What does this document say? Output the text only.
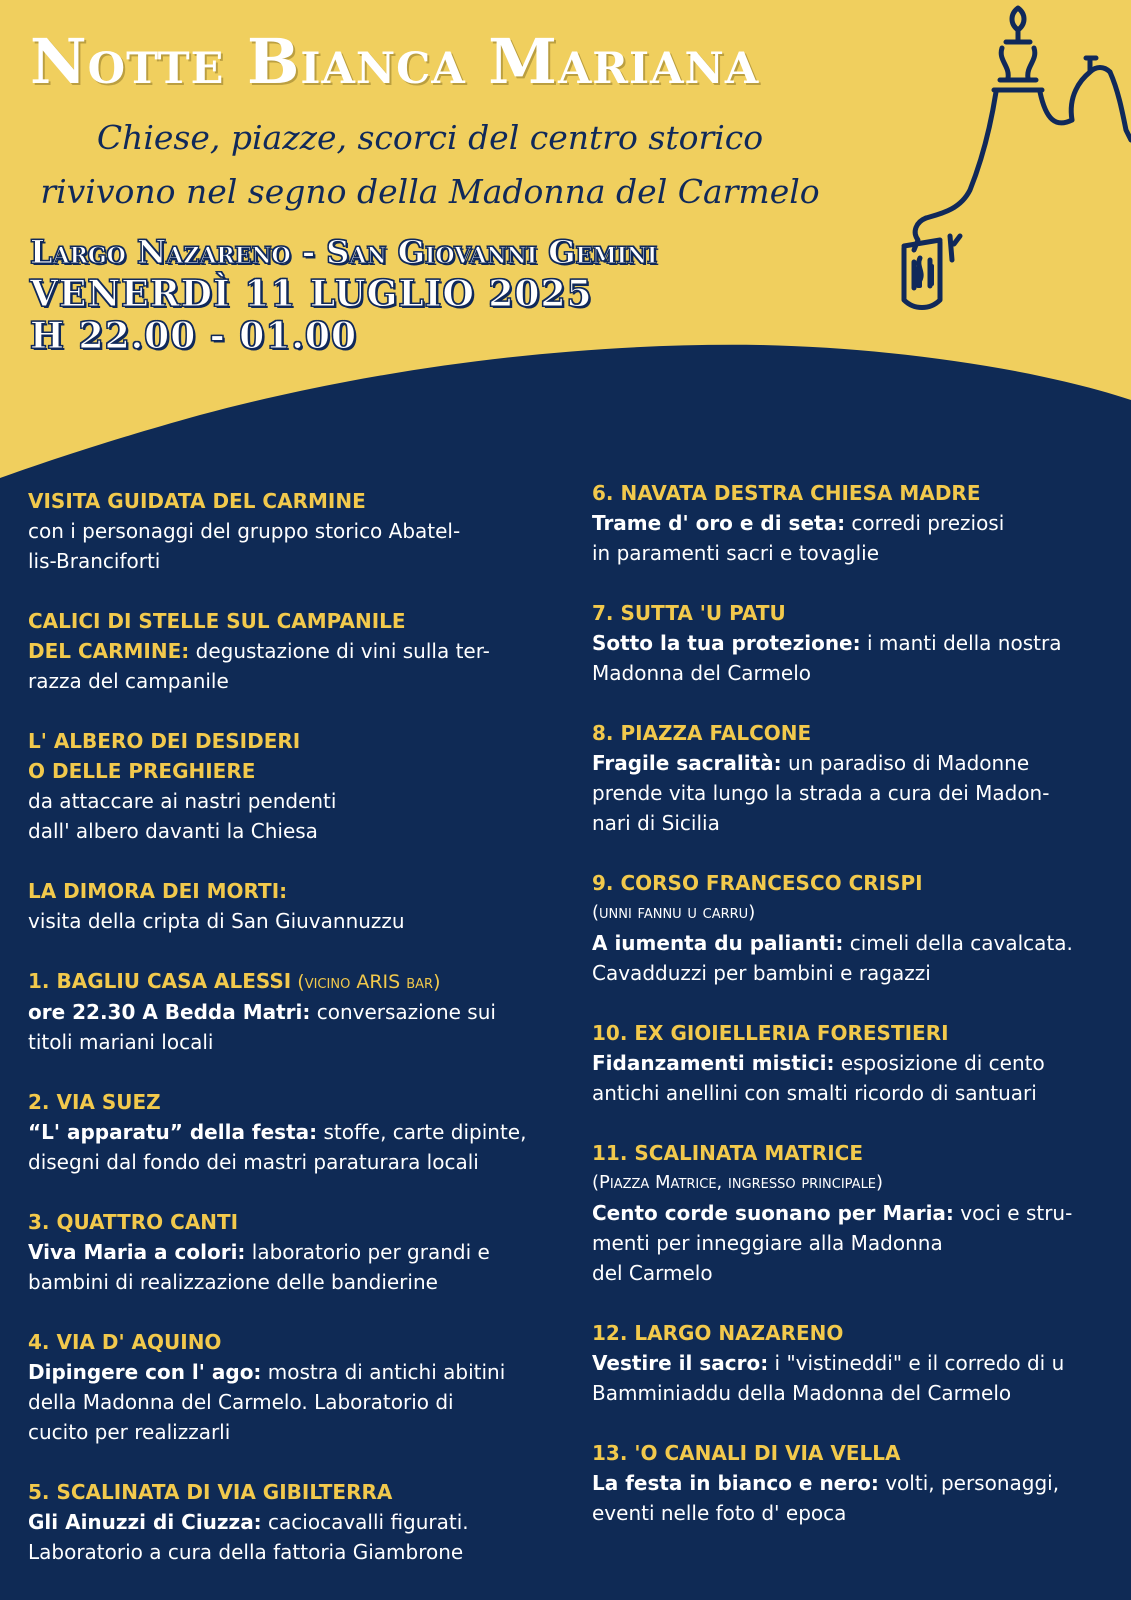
Notte Bianca Mariana
Chiese, piazze, scorci del centro storico
rivivono nel segno della Madonna del Carmelo
Largo Nazareno - San Giovanni Gemini
VENERDÌ 11 LUGLIO 2025
H 22.00 - 01.00
VISITA GUIDATA DEL CARMINE
con i personaggi del gruppo storico Abatel-
lis-Branciforti
CALICI DI STELLE SUL CAMPANILE
DEL CARMINE: degustazione di vini sulla ter-
razza del campanile
L' ALBERO DEI DESIDERI
O DELLE PREGHIERE
da attaccare ai nastri pendenti
dall' albero davanti la Chiesa
LA DIMORA DEI MORTI:
visita della cripta di San Giuvannuzzu
1. BAGLIU CASA ALESSI (vicino ARIS bar)
ore 22.30 A Bedda Matri: conversazione sui
titoli mariani locali
2. VIA SUEZ
“L' apparatu” della festa: stoffe, carte dipinte,
disegni dal fondo dei mastri paraturara locali
3. QUATTRO CANTI
Viva Maria a colori: laboratorio per grandi e
bambini di realizzazione delle bandierine
4. VIA D' AQUINO
Dipingere con l' ago: mostra di antichi abitini
della Madonna del Carmelo. Laboratorio di
cucito per realizzarli
5. SCALINATA DI VIA GIBILTERRA
Gli Ainuzzi di Ciuzza: caciocavalli figurati.
Laboratorio a cura della fattoria Giambrone
6. NAVATA DESTRA CHIESA MADRE
Trame d' oro e di seta: corredi preziosi
in paramenti sacri e tovaglie
7. SUTTA 'U PATU
Sotto la tua protezione: i manti della nostra
Madonna del Carmelo
8. PIAZZA FALCONE
Fragile sacralità: un paradiso di Madonne
prende vita lungo la strada a cura dei Madon-
nari di Sicilia
9. CORSO FRANCESCO CRISPI
(unni fannu u carru)
A iumenta du palianti: cimeli della cavalcata.
Cavadduzzi per bambini e ragazzi
10. EX GIOIELLERIA FORESTIERI
Fidanzamenti mistici: esposizione di cento
antichi anellini con smalti ricordo di santuari
11. SCALINATA MATRICE
(Piazza Matrice, ingresso principale)
Cento corde suonano per Maria: voci e stru-
menti per inneggiare alla Madonna
del Carmelo
12. LARGO NAZARENO
Vestire il sacro: i "vistineddi" e il corredo di u
Bamminiaddu della Madonna del Carmelo
13. 'O CANALI DI VIA VELLA
La festa in bianco e nero: volti, personaggi,
eventi nelle foto d' epoca
